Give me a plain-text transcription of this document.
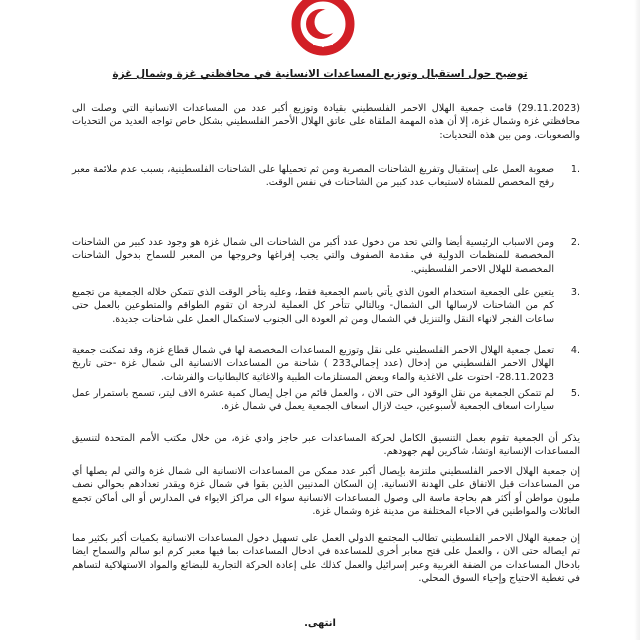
توضيح حول استقبال وتوزيع المساعدات الانسانية في محافظتي غزة وشمال غزة

(29.11.2023) قامت جمعية الهلال الاحمر الفلسطيني بقيادة وتوزيع أكبر عدد من المساعدات الانسانية التي وصلت الى محافظتي غزة وشمال غزة، إلا أن هذه المهمة الملقاة على عاتق الهلال الأحمر الفلسطيني بشكل خاص تواجه العديد من التحديات والصعوبات. ومن بين هذه التحديات:

1.
صعوبة العمل على إستقبال وتفريغ الشاحنات المصرية ومن ثم تحميلها على الشاحنات الفلسطينية، بسبب عدم ملائمة معبر رفح المخصص للمشاة لاستيعاب عدد كبير من الشاحنات في نفس الوقت.
2.
ومن الاسباب الرئيسية أيضا والتي تحد من دخول عدد أكبر من الشاحنات الى شمال غزة هو وجود عدد كبير من الشاحنات المخصصة للمنظمات الدولية في مقدمة الصفوف والتي يجب إفراغها وخروجها من المعبر للسماح بدخول الشاحنات المخصصة للهلال الاحمر الفلسطيني.
3.
يتعين على الجمعية استخدام العون الذي يأتي باسم الجمعية فقط، وعليه يتأخر الوقت الذي تتمكن خلاله الجمعية من تجميع كم من الشاحنات لارسالها الى الشمال- وبالتالي تتأخر كل العملية لدرجة ان تقوم الطواقم والمتطوعين بالعمل حتى ساعات الفجر لانهاء النقل والتنزيل في الشمال ومن ثم العودة الى الجنوب لاستكمال العمل على شاحنات جديدة.
4.
تعمل جمعية الهلال الاحمر الفلسطيني على نقل وتوزيع المساعدات المخصصة لها في شمال قطاع غزة، وقد تمكنت جمعية الهلال الاحمر الفلسطيني من إدخال (عدد إجمالي233 ) شاحنة من المساعدات الانسانية الى شمال غزة -حتى تاريخ 28.11.2023- احتوت على الاغذية والماء وبعض المستلزمات الطبية والاغاثية كالبطانيات والفرشات.
5.
لم تتمكن الجمعية من نقل الوقود الى حتى الان ، والعمل قائم من اجل إيصال كمية عشرة الاف ليتر، تسمح باستمرار عمل سيارات اسعاف الجمعية لأسبوعين، حيث لازال اسعاف الجمعية يعمل في شمال غزة.

يذكر أن الجمعية تقوم بعمل التنسيق الكامل لحركة المساعدات عبر حاجز وادي غزة، من خلال مكتب الأمم المتحدة لتنسيق المساعدات الإنسانية اوتشا، شاكرين لهم جهودهم.

إن جمعية الهلال الاحمر الفلسطيني ملتزمة بإيصال أكبر عدد ممكن من المساعدات الانسانية الى شمال غزة والتي لم يصلها أي من المساعدات قبل الاتفاق على الهدنة الانسانية. إن السكان المدنيين الذين بقوا في شمال غزة ويقدر تعدادهم بحوالي نصف مليون مواطن أو أكثر هم بحاجة ماسة الى وصول المساعدات الانسانية سواء الى مراكز الايواء في المدارس أو الى أماكن تجمع العائلات والمواطنين في الاحياء المختلفة من مدينة غزة وشمال غزة.

إن جمعية الهلال الاحمر الفلسطيني تطالب المجتمع الدولي العمل على تسهيل دخول المساعدات الانسانية بكميات أكبر بكثير مما تم ايصاله حتى الان ، والعمل على فتح معابر أخرى للمساعدة في ادخال المساعدات بما فيها معبر كرم ابو سالم والسماح ايضا بادخال المساعدات من الضفة الغربية وعبر إسرائيل والعمل كذلك على إعادة الحركة التجارية للبضائع والمواد الاستهلاكية لتساهم في تغطية الاحتياج وإحياء السوق المحلي.

انتهى.
